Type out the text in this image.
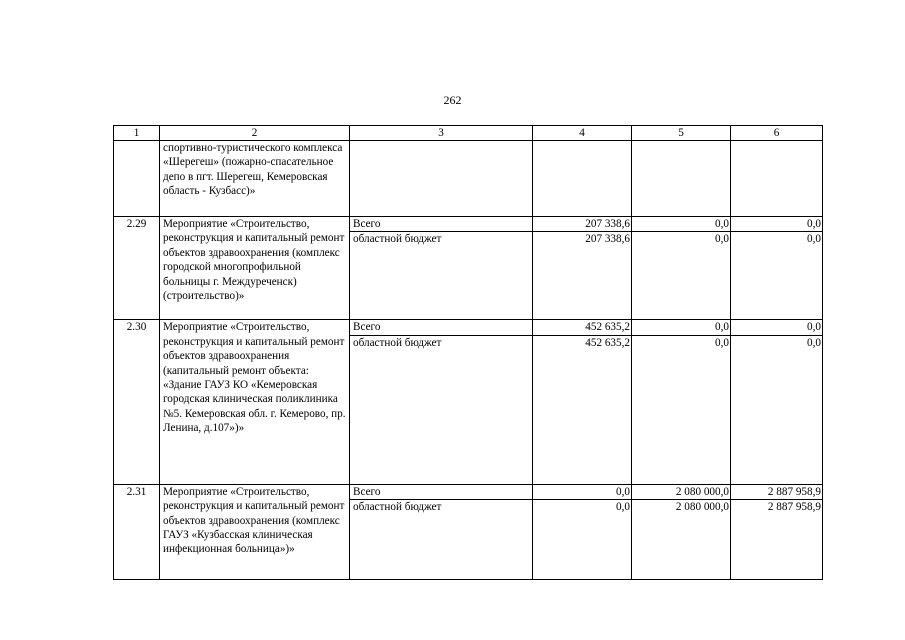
262
1	2	3	4	5	6
	спортивно-туристического комплекса «Шерегеш» (пожарно-спасательное депо в пгт. Шерегеш, Кемеровская область - Кузбасс)»				
2.29	Мероприятие «Строительство, реконструкция и капитальный ремонт объектов здравоохранения (комплекс городской многопрофильной больницы г. Междуреченск) (строительство)»	Всего	207 338,6	0,0	0,0
		областной бюджет	207 338,6	0,0	0,0
2.30	Мероприятие «Строительство, реконструкция и капитальный ремонт объектов здравоохранения (капитальный ремонт объекта: «Здание ГАУЗ КО «Кемеровская городская клиническая поликлиника №5. Кемеровская обл. г. Кемерово, пр. Ленина, д.107»)»	Всего	452 635,2	0,0	0,0
		областной бюджет	452 635,2	0,0	0,0
2.31	Мероприятие «Строительство, реконструкция и капитальный ремонт объектов здравоохранения (комплекс ГАУЗ «Кузбасская клиническая инфекционная больница»)»	Всего	0,0	2 080 000,0	2 887 958,9
		областной бюджет	0,0	2 080 000,0	2 887 958,9
